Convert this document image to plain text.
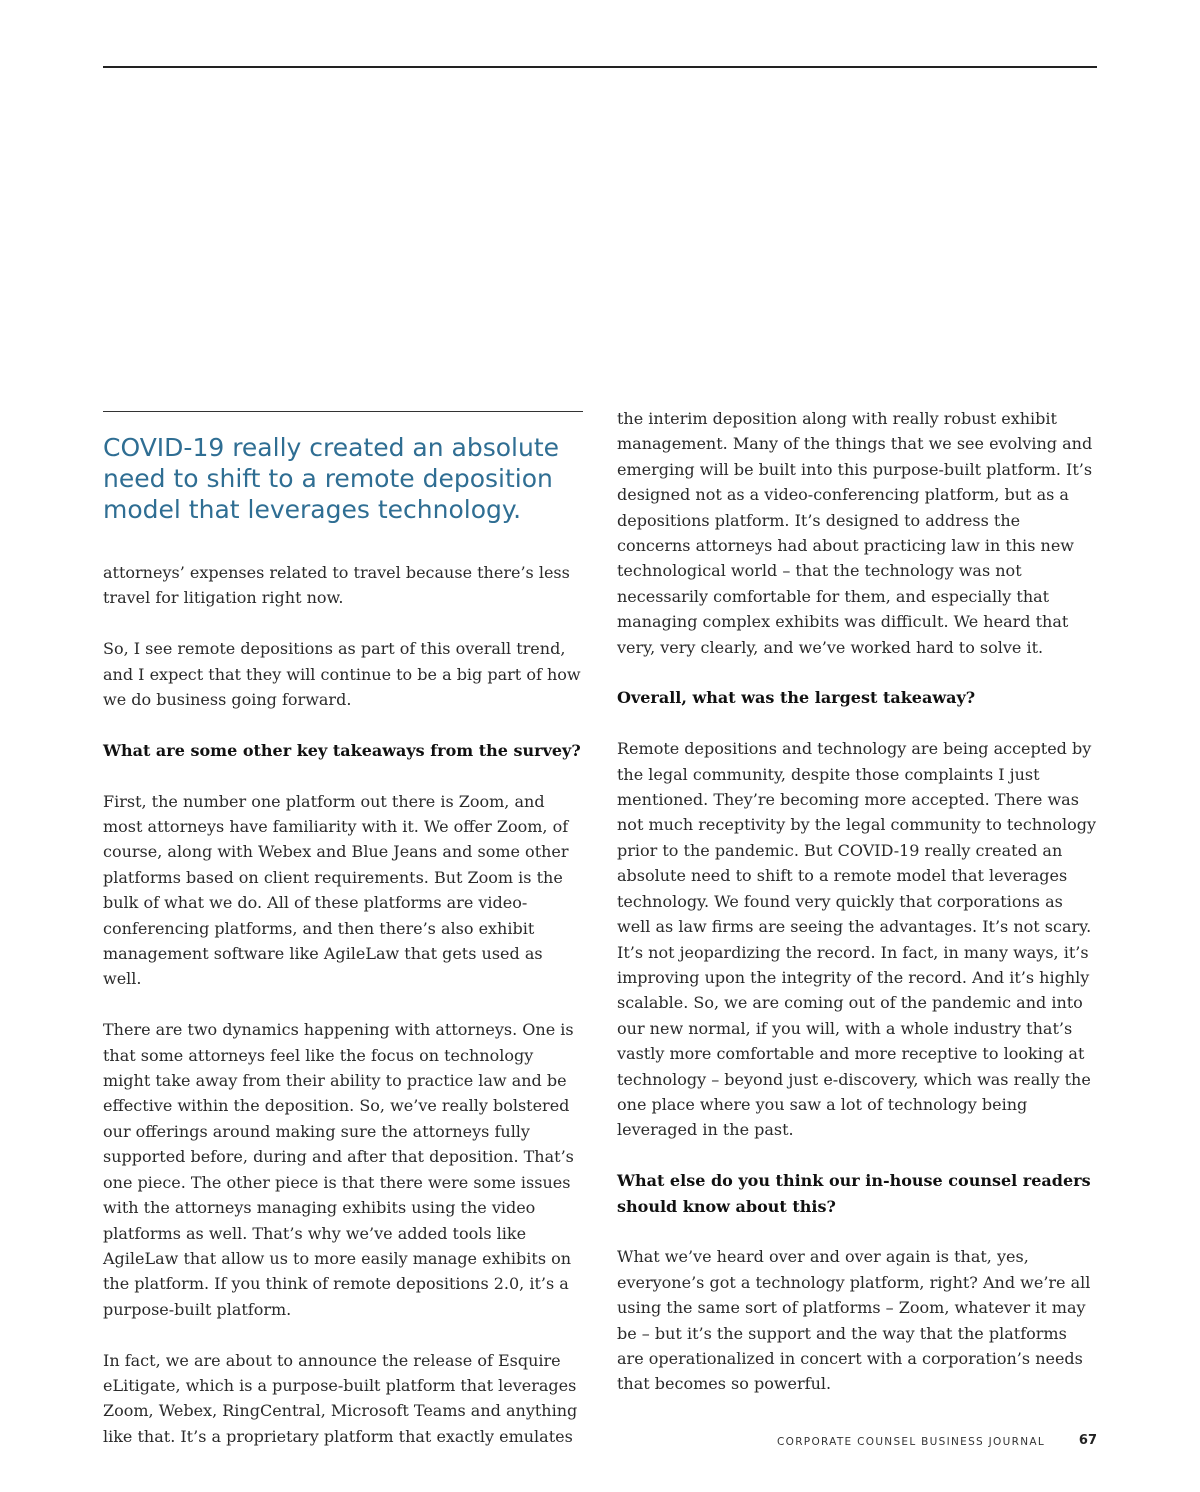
COVID-19 really created an absolute need to shift to a remote deposition model that leverages technology.

attorneys’ expenses related to travel because there’s less travel for litigation right now.

So, I see remote depositions as part of this overall trend, and I expect that they will continue to be a big part of how we do business going forward.

What are some other key takeaways from the survey?

First, the number one platform out there is Zoom, and most attorneys have familiarity with it. We offer Zoom, of course, along with Webex and Blue Jeans and some other platforms based on client requirements. But Zoom is the bulk of what we do. All of these platforms are video-conferencing platforms, and then there’s also exhibit management software like AgileLaw that gets used as well.

There are two dynamics happening with attorneys. One is that some attorneys feel like the focus on technology might take away from their ability to practice law and be effective within the deposition. So, we’ve really bolstered our offerings around making sure the attorneys fully supported before, during and after that deposition. That’s one piece. The other piece is that there were some issues with the attorneys managing exhibits using the video platforms as well. That’s why we’ve added tools like AgileLaw that allow us to more easily manage exhibits on the platform. If you think of remote depositions 2.0, it’s a purpose-built platform.

In fact, we are about to announce the release of Esquire eLitigate, which is a purpose-built platform that leverages Zoom, Webex, RingCentral, Microsoft Teams and anything like that. It’s a proprietary platform that exactly emulates

the interim deposition along with really robust exhibit management. Many of the things that we see evolving and emerging will be built into this purpose-built platform. It’s designed not as a video-conferencing platform, but as a depositions platform. It’s designed to address the concerns attorneys had about practicing law in this new technological world – that the technology was not necessarily comfortable for them, and especially that managing complex exhibits was difficult. We heard that very, very clearly, and we’ve worked hard to solve it.

Overall, what was the largest takeaway?

Remote depositions and technology are being accepted by the legal community, despite those complaints I just mentioned. They’re becoming more accepted. There was not much receptivity by the legal community to technology prior to the pandemic. But COVID-19 really created an absolute need to shift to a remote model that leverages technology. We found very quickly that corporations as well as law firms are seeing the advantages. It’s not scary. It’s not jeopardizing the record. In fact, in many ways, it’s improving upon the integrity of the record. And it’s highly scalable. So, we are coming out of the pandemic and into our new normal, if you will, with a whole industry that’s vastly more comfortable and more receptive to looking at technology – beyond just e-discovery, which was really the one place where you saw a lot of technology being leveraged in the past.

What else do you think our in-house counsel readers should know about this?

What we’ve heard over and over again is that, yes, everyone’s got a technology platform, right? And we’re all using the same sort of platforms – Zoom, whatever it may be – but it’s the support and the way that the platforms are operationalized in concert with a corporation’s needs that becomes so powerful.

CORPORATE COUNSEL BUSINESS JOURNAL	67
